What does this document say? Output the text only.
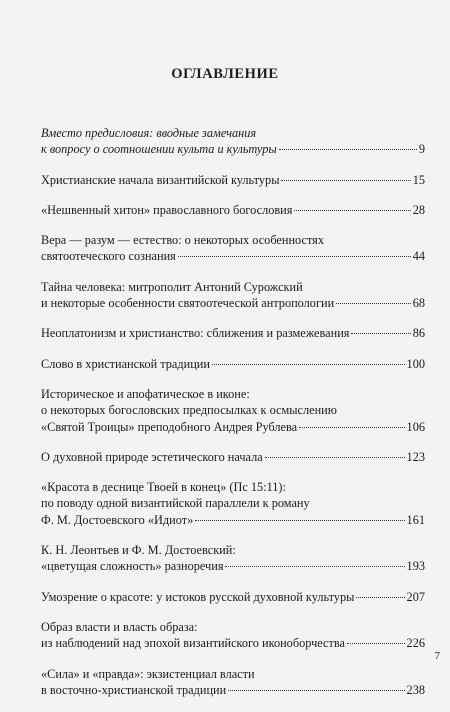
ОГЛАВЛЕНИЕ
Вместо предисловия: вводные замечания
к вопросу о соотношении культа и культуры	9
Христианские начала византийской культуры	15
«Нешвенный хитон» православного богословия	28
Вера — разум — естество: о некоторых особенностях
святоотеческого сознания	44
Тайна человека: митрополит Антоний Сурожский
и некоторые особенности святоотеческой антропологии	68
Неоплатонизм и христианство: сближения и размежевания	86
Слово в христианской традиции	100
Историческое и апофатическое в иконе:
о некоторых богословских предпосылках к осмыслению
«Святой Троицы» преподобного Андрея Рублева	106
О духовной природе эстетического начала	123
«Красота в деснице Твоей в конец» (Пс 15:11):
по поводу одной византийской параллели к роману
Ф. М. Достоевского «Идиот»	161
К. Н. Леонтьев и Ф. М. Достоевский:
«цветущая сложность» разноречия	193
Умозрение о красоте: у истоков русской духовной культуры	207
Образ власти и власть образа:
из наблюдений над эпохой византийского иконоборчества	226
«Сила» и «правда»: экзистенциал власти
в восточно-христианской традиции	238
7
